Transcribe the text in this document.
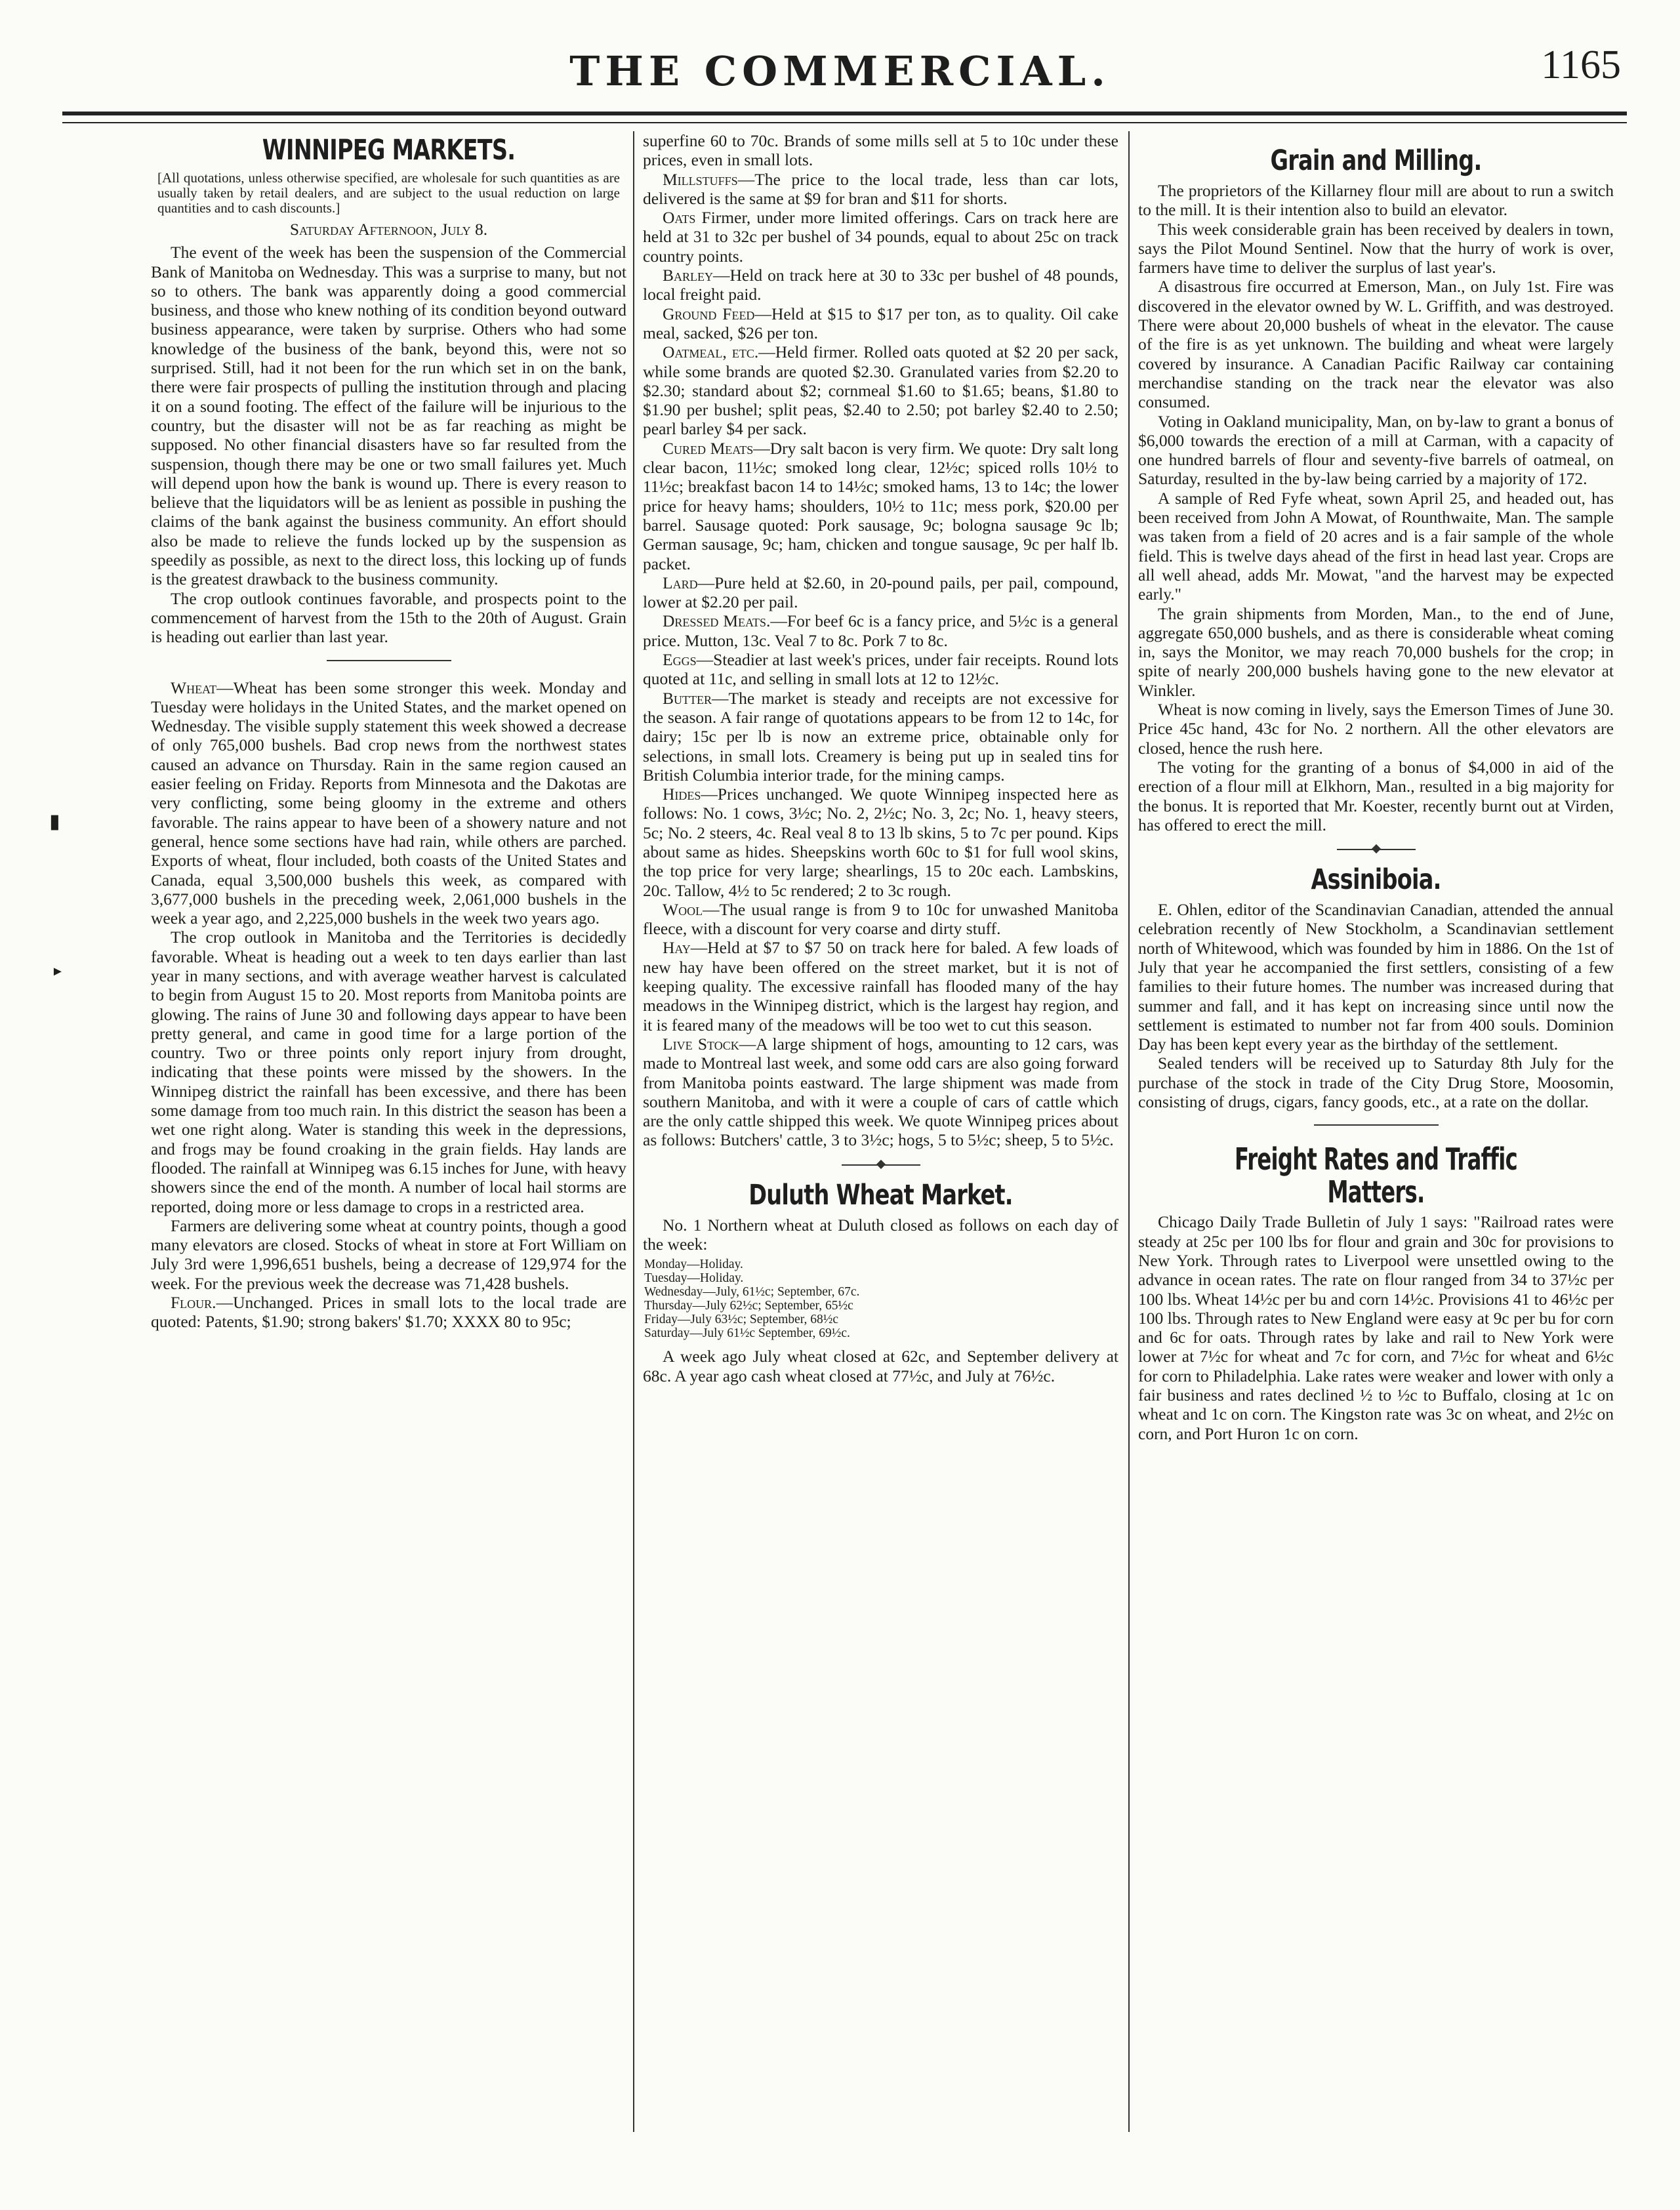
THE COMMERCIAL.	1165
▮
►
WINNIPEG MARKETS.
[All quotations, unless otherwise specified, are wholesale for such quantities as are usually taken by retail dealers, and are subject to the usual reduction on large quantities and to cash discounts.]
Saturday Afternoon, July 8.

The event of the week has been the suspension of the Commercial Bank of Manitoba on Wednesday. This was a surprise to many, but not so to others. The bank was apparently doing a good commercial business, and those who knew nothing of its condition beyond outward business appearance, were taken by surprise. Others who had some knowledge of the business of the bank, beyond this, were not so surprised. Still, had it not been for the run which set in on the bank, there were fair prospects of pulling the institution through and placing it on a sound footing. The effect of the failure will be injurious to the country, but the disaster will not be as far reaching as might be supposed. No other financial disasters have so far resulted from the suspension, though there may be one or two small failures yet. Much will depend upon how the bank is wound up. There is every reason to believe that the liquidators will be as lenient as possible in pushing the claims of the bank against the business community. An effort should also be made to relieve the funds locked up by the suspension as speedily as possible, as next to the direct loss, this locking up of funds is the greatest drawback to the business community.

The crop outlook continues favorable, and prospects point to the commencement of harvest from the 15th to the 20th of August. Grain is heading out earlier than last year.

Wheat—Wheat has been some stronger this week. Monday and Tuesday were holidays in the United States, and the market opened on Wednesday. The visible supply statement this week showed a decrease of only 765,000 bushels. Bad crop news from the northwest states caused an advance on Thursday. Rain in the same region caused an easier feeling on Friday. Reports from Minnesota and the Dakotas are very conflicting, some being gloomy in the extreme and others favorable. The rains appear to have been of a showery nature and not general, hence some sections have had rain, while others are parched. Exports of wheat, flour included, both coasts of the United States and Canada, equal 3,500,000 bushels this week, as compared with 3,677,000 bushels in the preceding week, 2,061,000 bushels in the week a year ago, and 2,225,000 bushels in the week two years ago.

The crop outlook in Manitoba and the Territories is decidedly favorable. Wheat is heading out a week to ten days earlier than last year in many sections, and with average weather harvest is calculated to begin from August 15 to 20. Most reports from Manitoba points are glowing. The rains of June 30 and following days appear to have been pretty general, and came in good time for a large portion of the country. Two or three points only report injury from drought, indicating that these points were missed by the showers. In the Winnipeg district the rainfall has been excessive, and there has been some damage from too much rain. In this district the season has been a wet one right along. Water is standing this week in the depressions, and frogs may be found croaking in the grain fields. Hay lands are flooded. The rainfall at Winnipeg was 6.15 inches for June, with heavy showers since the end of the month. A number of local hail storms are reported, doing more or less damage to crops in a restricted area.

Farmers are delivering some wheat at country points, though a good many elevators are closed. Stocks of wheat in store at Fort William on July 3rd were 1,996,651 bushels, being a decrease of 129,974 for the week. For the previous week the decrease was 71,428 bushels.

Flour.—Unchanged. Prices in small lots to the local trade are quoted: Patents, $1.90; strong bakers' $1.70; XXXX 80 to 95c;

superfine 60 to 70c. Brands of some mills sell at 5 to 10c under these prices, even in small lots.

Millstuffs—The price to the local trade, less than car lots, delivered is the same at $9 for bran and $11 for shorts.

Oats Firmer, under more limited offerings. Cars on track here are held at 31 to 32c per bushel of 34 pounds, equal to about 25c on track country points.

Barley—Held on track here at 30 to 33c per bushel of 48 pounds, local freight paid.

Ground Feed—Held at $15 to $17 per ton, as to quality. Oil cake meal, sacked, $26 per ton.

Oatmeal, etc.—Held firmer. Rolled oats quoted at $2 20 per sack, while some brands are quoted $2.30. Granulated varies from $2.20 to $2.30; standard about $2; cornmeal $1.60 to $1.65; beans, $1.80 to $1.90 per bushel; split peas, $2.40 to 2.50; pot barley $2.40 to 2.50; pearl barley $4 per sack.

Cured Meats—Dry salt bacon is very firm. We quote: Dry salt long clear bacon, 11½c; smoked long clear, 12½c; spiced rolls 10½ to 11½c; breakfast bacon 14 to 14½c; smoked hams, 13 to 14c; the lower price for heavy hams; shoulders, 10½ to 11c; mess pork, $20.00 per barrel. Sausage quoted: Pork sausage, 9c; bologna sausage 9c lb; German sausage, 9c; ham, chicken and tongue sausage, 9c per half lb. packet.

Lard—Pure held at $2.60, in 20-pound pails, per pail, compound, lower at $2.20 per pail.

Dressed Meats.—For beef 6c is a fancy price, and 5½c is a general price. Mutton, 13c. Veal 7 to 8c. Pork 7 to 8c.

Eggs—Steadier at last week's prices, under fair receipts. Round lots quoted at 11c, and selling in small lots at 12 to 12½c.

Butter—The market is steady and receipts are not excessive for the season. A fair range of quotations appears to be from 12 to 14c, for dairy; 15c per lb is now an extreme price, obtainable only for selections, in small lots. Creamery is being put up in sealed tins for British Columbia interior trade, for the mining camps.

Hides—Prices unchanged. We quote Winnipeg inspected here as follows: No. 1 cows, 3½c; No. 2, 2½c; No. 3, 2c; No. 1, heavy steers, 5c; No. 2 steers, 4c. Real veal 8 to 13 lb skins, 5 to 7c per pound. Kips about same as hides. Sheepskins worth 60c to $1 for full wool skins, the top price for very large; shearlings, 15 to 20c each. Lambskins, 20c. Tallow, 4½ to 5c rendered; 2 to 3c rough.

Wool—The usual range is from 9 to 10c for unwashed Manitoba fleece, with a discount for very coarse and dirty stuff.

Hay—Held at $7 to $7 50 on track here for baled. A few loads of new hay have been offered on the street market, but it is not of keeping quality. The excessive rainfall has flooded many of the hay meadows in the Winnipeg district, which is the largest hay region, and it is feared many of the meadows will be too wet to cut this season.

Live Stock—A large shipment of hogs, amounting to 12 cars, was made to Montreal last week, and some odd cars are also going forward from Manitoba points eastward. The large shipment was made from southern Manitoba, and with it were a couple of cars of cattle which are the only cattle shipped this week. We quote Winnipeg prices about as follows: Butchers' cattle, 3 to 3½c; hogs, 5 to 5½c; sheep, 5 to 5½c.

Duluth Wheat Market.

No. 1 Northern wheat at Duluth closed as follows on each day of the week:

Monday—Holiday.
Tuesday—Holiday.
Wednesday—July, 61½c; September, 67c.
Thursday—July 62½c; September, 65½c
Friday—July 63½c; September, 68½c
Saturday—July 61½c September, 69½c.

A week ago July wheat closed at 62c, and September delivery at 68c. A year ago cash wheat closed at 77½c, and July at 76½c.

Grain and Milling.

The proprietors of the Killarney flour mill are about to run a switch to the mill. It is their intention also to build an elevator.

This week considerable grain has been received by dealers in town, says the Pilot Mound Sentinel. Now that the hurry of work is over, farmers have time to deliver the surplus of last year's.

A disastrous fire occurred at Emerson, Man., on July 1st. Fire was discovered in the elevator owned by W. L. Griffith, and was destroyed. There were about 20,000 bushels of wheat in the elevator. The cause of the fire is as yet unknown. The building and wheat were largely covered by insurance. A Canadian Pacific Railway car containing merchandise standing on the track near the elevator was also consumed.

Voting in Oakland municipality, Man, on by-law to grant a bonus of $6,000 towards the erection of a mill at Carman, with a capacity of one hundred barrels of flour and seventy-five barrels of oatmeal, on Saturday, resulted in the by-law being carried by a majority of 172.

A sample of Red Fyfe wheat, sown April 25, and headed out, has been received from John A Mowat, of Rounthwaite, Man. The sample was taken from a field of 20 acres and is a fair sample of the whole field. This is twelve days ahead of the first in head last year. Crops are all well ahead, adds Mr. Mowat, "and the harvest may be expected early."

The grain shipments from Morden, Man., to the end of June, aggregate 650,000 bushels, and as there is considerable wheat coming in, says the Monitor, we may reach 70,000 bushels for the crop; in spite of nearly 200,000 bushels having gone to the new elevator at Winkler.

Wheat is now coming in lively, says the Emerson Times of June 30. Price 45c hand, 43c for No. 2 northern. All the other elevators are closed, hence the rush here.

The voting for the granting of a bonus of $4,000 in aid of the erection of a flour mill at Elkhorn, Man., resulted in a big majority for the bonus. It is reported that Mr. Koester, recently burnt out at Virden, has offered to erect the mill.

Assiniboia.

E. Ohlen, editor of the Scandinavian Canadian, attended the annual celebration recently of New Stockholm, a Scandinavian settlement north of Whitewood, which was founded by him in 1886. On the 1st of July that year he accompanied the first settlers, consisting of a few families to their future homes. The number was increased during that summer and fall, and it has kept on increasing since until now the settlement is estimated to number not far from 400 souls. Dominion Day has been kept every year as the birthday of the settlement.

Sealed tenders will be received up to Saturday 8th July for the purchase of the stock in trade of the City Drug Store, Moosomin, consisting of drugs, cigars, fancy goods, etc., at a rate on the dollar.

Freight Rates and Traffic Matters.

Chicago Daily Trade Bulletin of July 1 says: "Railroad rates were steady at 25c per 100 lbs for flour and grain and 30c for provisions to New York. Through rates to Liverpool were unsettled owing to the advance in ocean rates. The rate on flour ranged from 34 to 37½c per 100 lbs. Wheat 14½c per bu and corn 14½c. Provisions 41 to 46½c per 100 lbs. Through rates to New England were easy at 9c per bu for corn and 6c for oats. Through rates by lake and rail to New York were lower at 7½c for wheat and 7c for corn, and 7½c for wheat and 6½c for corn to Philadelphia. Lake rates were weaker and lower with only a fair business and rates declined ½ to ½c to Buffalo, closing at 1c on wheat and 1c on corn. The Kingston rate was 3c on wheat, and 2½c on corn, and Port Huron 1c on corn.
